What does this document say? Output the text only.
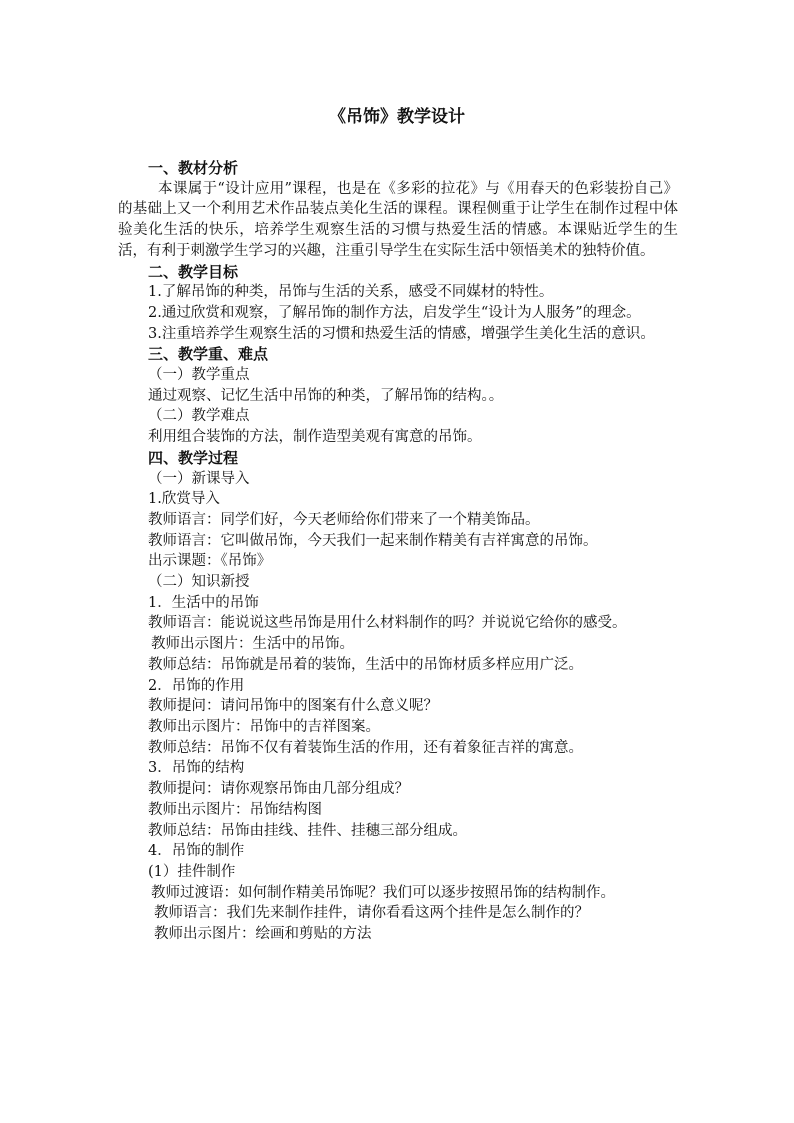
《吊饰》教学设计
一、教材分析
本课属于“设计应用”课程，也是在《多彩的拉花》与《用春天的色彩装扮自己》的基础上又一个利用艺术作品装点美化生活的课程。课程侧重于让学生在制作过程中体验美化生活的快乐，培养学生观察生活的习惯与热爱生活的情感。本课贴近学生的生活，有利于刺激学生学习的兴趣，注重引导学生在实际生活中领悟美术的独特价值。
二、教学目标
1.了解吊饰的种类，吊饰与生活的关系，感受不同媒材的特性。
2.通过欣赏和观察，了解吊饰的制作方法，启发学生“设计为人服务”的理念。
3.注重培养学生观察生活的习惯和热爱生活的情感，增强学生美化生活的意识。
三、教学重、难点
（一）教学重点
通过观察、记忆生活中吊饰的种类，了解吊饰的结构。。
（二）教学难点
利用组合装饰的方法，制作造型美观有寓意的吊饰。
四、教学过程
（一）新课导入
1.欣赏导入
教师语言：同学们好，今天老师给你们带来了一个精美饰品。
教师语言：它叫做吊饰，今天我们一起来制作精美有吉祥寓意的吊饰。
出示课题：《吊饰》
（二）知识新授
1．生活中的吊饰
教师语言：能说说这些吊饰是用什么材料制作的吗？并说说它给你的感受。
教师出示图片：生活中的吊饰。
教师总结：吊饰就是吊着的装饰，生活中的吊饰材质多样应用广泛。
2．吊饰的作用
教师提问：请问吊饰中的图案有什么意义呢？
教师出示图片：吊饰中的吉祥图案。
教师总结：吊饰不仅有着装饰生活的作用，还有着象征吉祥的寓意。
3．吊饰的结构
教师提问：请你观察吊饰由几部分组成？
教师出示图片：吊饰结构图
教师总结：吊饰由挂线、挂件、挂穗三部分组成。
4．吊饰的制作
(1）挂件制作
教师过渡语：如何制作精美吊饰呢？我们可以逐步按照吊饰的结构制作。
教师语言：我们先来制作挂件，请你看看这两个挂件是怎么制作的？
教师出示图片：绘画和剪贴的方法
